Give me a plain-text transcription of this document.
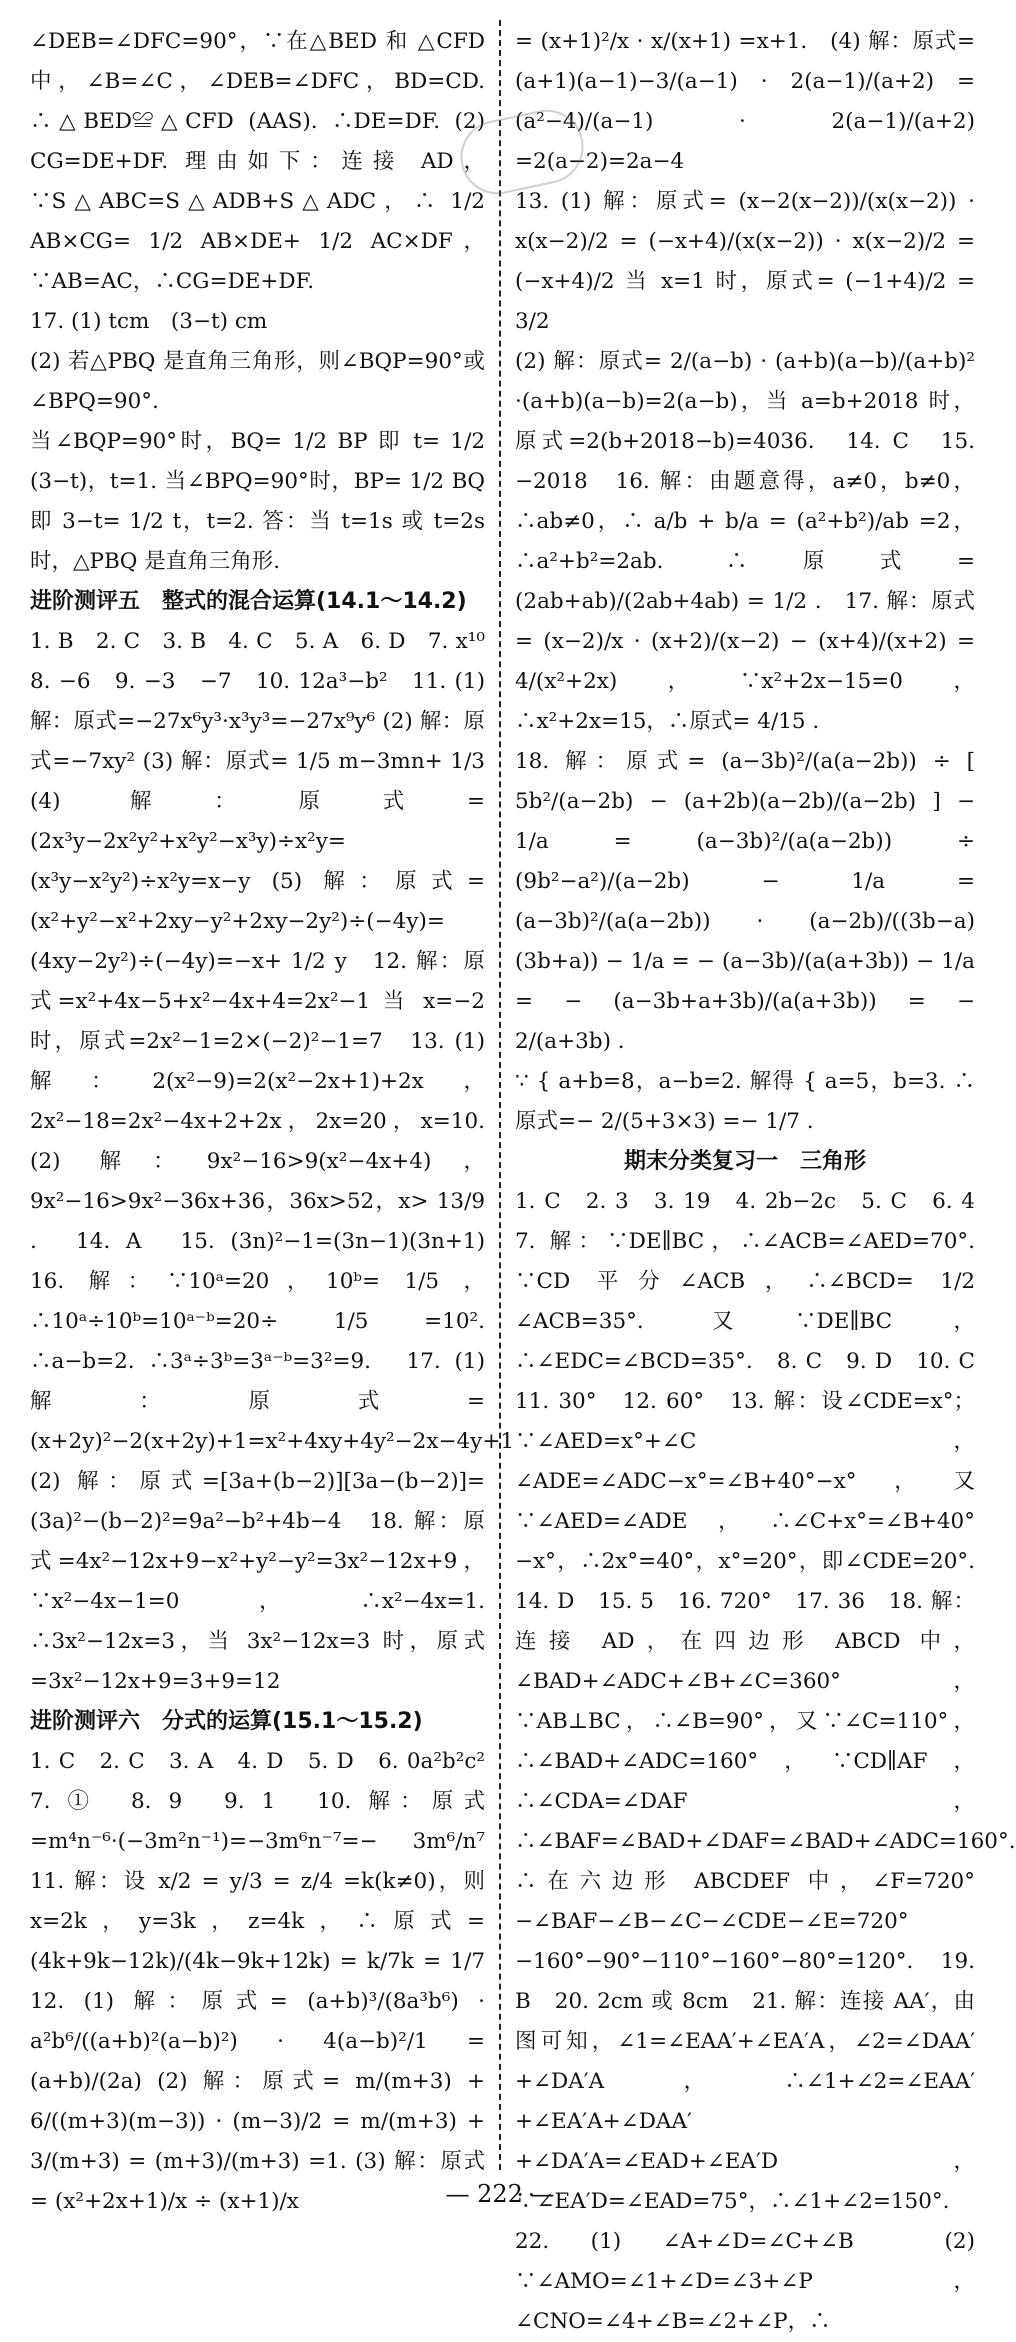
∠DEB=∠DFC=90°，∵在△BED 和 △CFD 中，∠B=∠C，∠DEB=∠DFC，BD=CD. ∴△BED≌△CFD (AAS). ∴DE=DF. (2) CG=DE+DF. 理由如下：连接 AD，∵S△ABC=S△ADB+S△ADC，∴ 1/2 AB×CG= 1/2 AB×DE+ 1/2 AC×DF，∵AB=AC，∴CG=DE+DF.
17. (1) tcm　(3−t) cm
(2) 若△PBQ 是直角三角形，则∠BQP=90°或∠BPQ=90°.
当∠BQP=90°时，BQ= 1/2 BP 即 t= 1/2 (3−t)，t=1. 当∠BPQ=90°时，BP= 1/2 BQ 即 3−t= 1/2 t，t=2. 答：当 t=1s 或 t=2s 时，△PBQ 是直角三角形.
进阶测评五　整式的混合运算(14.1～14.2)
1. B　2. C　3. B　4. C　5. A　6. D　7. x¹⁰　8. −6　9. −3　−7　10. 12a³−b²　11. (1) 解：原式=−27x⁶y³·x³y³=−27x⁹y⁶ (2) 解：原式=−7xy² (3) 解：原式= 1/5 m−3mn+ 1/3 (4) 解：原式=(2x³y−2x²y²+x²y²−x³y)÷x²y=(x³y−x²y²)÷x²y=x−y (5) 解：原式=(x²+y²−x²+2xy−y²+2xy−2y²)÷(−4y)=(4xy−2y²)÷(−4y)=−x+ 1/2 y　12. 解：原式=x²+4x−5+x²−4x+4=2x²−1 当 x=−2 时，原式=2x²−1=2×(−2)²−1=7　13. (1) 解：2(x²−9)=2(x²−2x+1)+2x，2x²−18=2x²−4x+2+2x，2x=20，x=10. (2) 解：9x²−16>9(x²−4x+4)，9x²−16>9x²−36x+36，36x>52，x> 13/9 .　14. A　15. (3n)²−1=(3n−1)(3n+1)　16. 解：∵10ᵃ=20，10ᵇ= 1/5 ，∴10ᵃ÷10ᵇ=10ᵃ⁻ᵇ=20÷ 1/5 =10². ∴a−b=2. ∴3ᵃ÷3ᵇ=3ᵃ⁻ᵇ=3²=9.　17. (1) 解：原式=(x+2y)²−2(x+2y)+1=x²+4xy+4y²−2x−4y+1 (2) 解：原式=[3a+(b−2)][3a−(b−2)]=(3a)²−(b−2)²=9a²−b²+4b−4　18. 解：原式=4x²−12x+9−x²+y²−y²=3x²−12x+9，∵x²−4x−1=0，∴x²−4x=1. ∴3x²−12x=3，当 3x²−12x=3 时，原式=3x²−12x+9=3+9=12
进阶测评六　分式的运算(15.1～15.2)
1. C　2. C　3. A　4. D　5. D　6. 0a²b²c²　7. ①　8. 9　9. 1　10. 解：原式=m⁴n⁻⁶·(−3m²n⁻¹)=−3m⁶n⁻⁷=− 3m⁶/n⁷　11. 解：设 x/2 = y/3 = z/4 =k(k≠0)，则 x=2k，y=3k，z=4k，∴原式= (4k+9k−12k)/(4k−9k+12k) = k/7k = 1/7　12. (1) 解：原式= (a+b)³/(8a³b⁶) · a²b⁶/((a+b)²(a−b)²) · 4(a−b)²/1 = (a+b)/(2a) (2) 解：原式= m/(m+3) + 6/((m+3)(m−3)) · (m−3)/2 = m/(m+3) + 3/(m+3) = (m+3)/(m+3) =1. (3) 解：原式= (x²+2x+1)/x ÷ (x+1)/x
= (x+1)²/x · x/(x+1) =x+1.　(4) 解：原式= (a+1)(a−1)−3/(a−1) · 2(a−1)/(a+2) = (a²−4)/(a−1) · 2(a−1)/(a+2) =2(a−2)=2a−4
13. (1) 解：原式= (x−2(x−2))/(x(x−2)) · x(x−2)/2 = (−x+4)/(x(x−2)) · x(x−2)/2 = (−x+4)/2 当 x=1 时，原式= (−1+4)/2 = 3/2
(2) 解：原式= 2/(a−b) · (a+b)(a−b)/(a+b)² ·(a+b)(a−b)=2(a−b)，当 a=b+2018 时，原式=2(b+2018−b)=4036.　14. C　15. −2018　16. 解：由题意得，a≠0，b≠0，∴ab≠0，∴ a/b + b/a = (a²+b²)/ab =2，∴a²+b²=2ab. ∴原式= (2ab+ab)/(2ab+4ab) = 1/2 .　17. 解：原式= (x−2)/x · (x+2)/(x−2) − (x+4)/(x+2) = 4/(x²+2x)，∵x²+2x−15=0，∴x²+2x=15，∴原式= 4/15 .
18. 解：原式= (a−3b)²/(a(a−2b)) ÷ [ 5b²/(a−2b) − (a+2b)(a−2b)/(a−2b) ] − 1/a = (a−3b)²/(a(a−2b)) ÷ (9b²−a²)/(a−2b) − 1/a = (a−3b)²/(a(a−2b)) · (a−2b)/((3b−a)(3b+a)) − 1/a = − (a−3b)/(a(a+3b)) − 1/a = − (a−3b+a+3b)/(a(a+3b)) = − 2/(a+3b) .
∵ { a+b=8，a−b=2. 解得 { a=5，b=3. ∴原式=− 2/(5+3×3) =− 1/7 .
期末分类复习一　三角形
1. C　2. 3　3. 19　4. 2b−2c　5. C　6. 4　7. 解：∵DE∥BC，∴∠ACB=∠AED=70°. ∵CD 平分∠ACB，∴∠BCD= 1/2 ∠ACB=35°. 又∵DE∥BC，∴∠EDC=∠BCD=35°.　8. C　9. D　10. C　11. 30°　12. 60°　13. 解：设∠CDE=x°；∵∠AED=x°+∠C，∠ADE=∠ADC−x°=∠B+40°−x°，又∵∠AED=∠ADE，∴∠C+x°=∠B+40°−x°，∴2x°=40°，x°=20°，即∠CDE=20°.　14. D　15. 5　16. 720°　17. 36　18. 解：连接 AD，在四边形 ABCD 中，∠BAD+∠ADC+∠B+∠C=360°，∵AB⊥BC，∴∠B=90°，又∵∠C=110°，∴∠BAD+∠ADC=160°，∵CD∥AF，∴∠CDA=∠DAF，∴∠BAF=∠BAD+∠DAF=∠BAD+∠ADC=160°. ∴在六边形 ABCDEF 中，∠F=720°−∠BAF−∠B−∠C−∠CDE−∠E=720°−160°−90°−110°−160°−80°=120°.　19. B　20. 2cm 或 8cm　21. 解：连接 AA′，由图可知，∠1=∠EAA′+∠EA′A，∠2=∠DAA′+∠DA′A，∴∠1+∠2=∠EAA′+∠EA′A+∠DAA′+∠DA′A=∠EAD+∠EA′D，∵∠EA′D=∠EAD=75°，∴∠1+∠2=150°.
22. (1) ∠A+∠D=∠C+∠B　(2) ∵∠AMO=∠1+∠D=∠3+∠P，∠CNO=∠4+∠B=∠2+∠P，∴
— 222 —
